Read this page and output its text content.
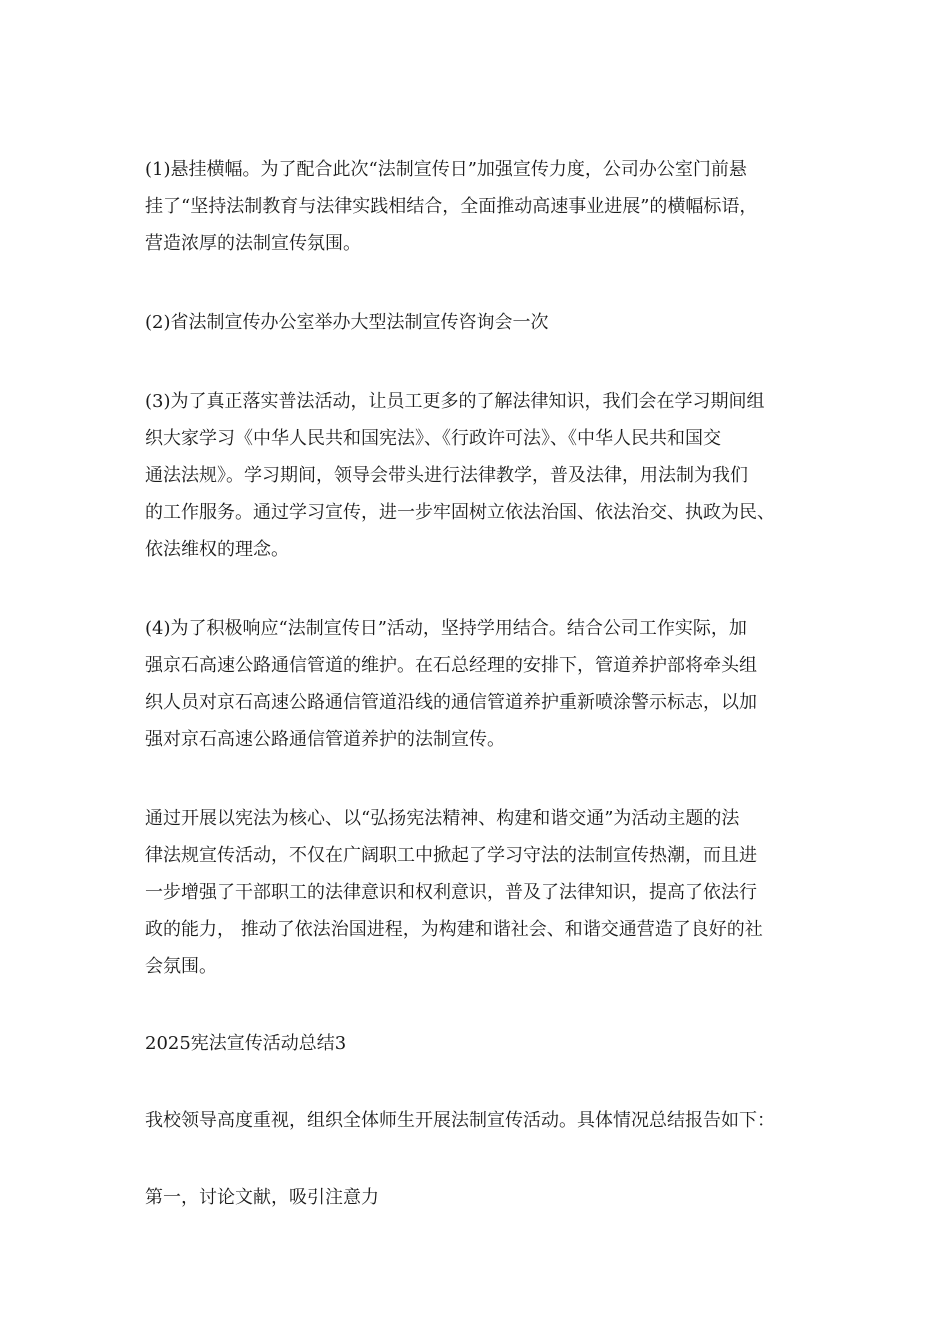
(1)悬挂横幅。为了配合此次“法制宣传日”加强宣传力度，公司办公室门前悬
挂了“坚持法制教育与法律实践相结合，全面推动高速事业进展”的横幅标语，
营造浓厚的法制宣传氛围。

(2)省法制宣传办公室举办大型法制宣传咨询会一次

(3)为了真正落实普法活动，让员工更多的了解法律知识，我们会在学习期间组
织大家学习《中华人民共和国宪法》、《行政许可法》、《中华人民共和国交
通法法规》。学习期间，领导会带头进行法律教学，普及法律，用法制为我们
的工作服务。通过学习宣传，进一步牢固树立依法治国、依法治交、执政为民、
依法维权的理念。

(4)为了积极响应“法制宣传日”活动，坚持学用结合。结合公司工作实际，加
强京石高速公路通信管道的维护。在石总经理的安排下，管道养护部将牵头组
织人员对京石高速公路通信管道沿线的通信管道养护重新喷涂警示标志，以加
强对京石高速公路通信管道养护的法制宣传。

通过开展以宪法为核心、以“弘扬宪法精神、构建和谐交通”为活动主题的法
律法规宣传活动，不仅在广阔职工中掀起了学习守法的法制宣传热潮，而且进
一步增强了干部职工的法律意识和权利意识，普及了法律知识，提高了依法行
政的能力， 推动了依法治国进程，为构建和谐社会、和谐交通营造了良好的社
会氛围。

2025宪法宣传活动总结3

我校领导高度重视，组织全体师生开展法制宣传活动。具体情况总结报告如下：

第一，讨论文献，吸引注意力
